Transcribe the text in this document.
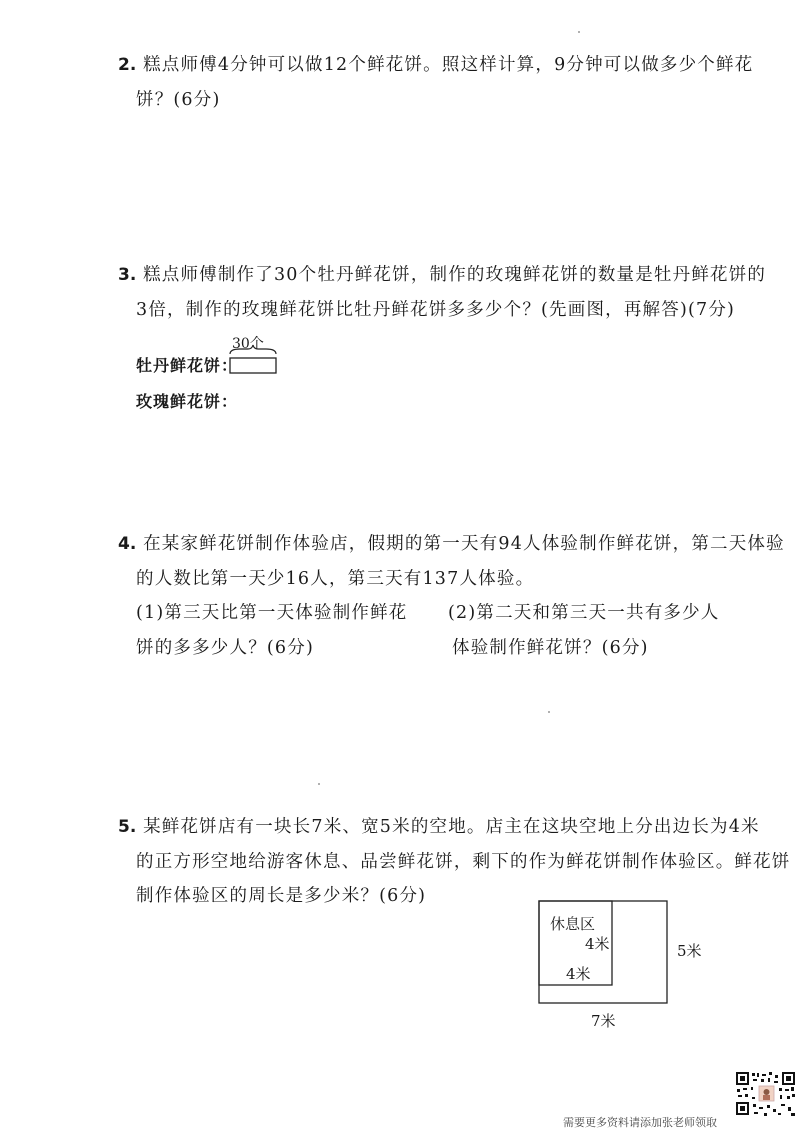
2. 糕点师傅4分钟可以做12个鲜花饼。照这样计算，9分钟可以做多少个鲜花
饼？(6分)
3. 糕点师傅制作了30个牡丹鲜花饼，制作的玫瑰鲜花饼的数量是牡丹鲜花饼的
3倍，制作的玫瑰鲜花饼比牡丹鲜花饼多多少个？(先画图，再解答)(7分)
牡丹鲜花饼：
30个
玫瑰鲜花饼：
4. 在某家鲜花饼制作体验店，假期的第一天有94人体验制作鲜花饼，第二天体验
的人数比第一天少16人，第三天有137人体验。
(1)第三天比第一天体验制作鲜花
饼的多多少人？(6分)
(2)第二天和第三天一共有多少人
体验制作鲜花饼？(6分)
5. 某鲜花饼店有一块长7米、宽5米的空地。店主在这块空地上分出边长为4米
的正方形空地给游客休息、品尝鲜花饼，剩下的作为鲜花饼制作体验区。鲜花饼
制作体验区的周长是多少米？(6分)
休息区
4米
4米
5米
7米
需要更多资料请添加张老师领取
